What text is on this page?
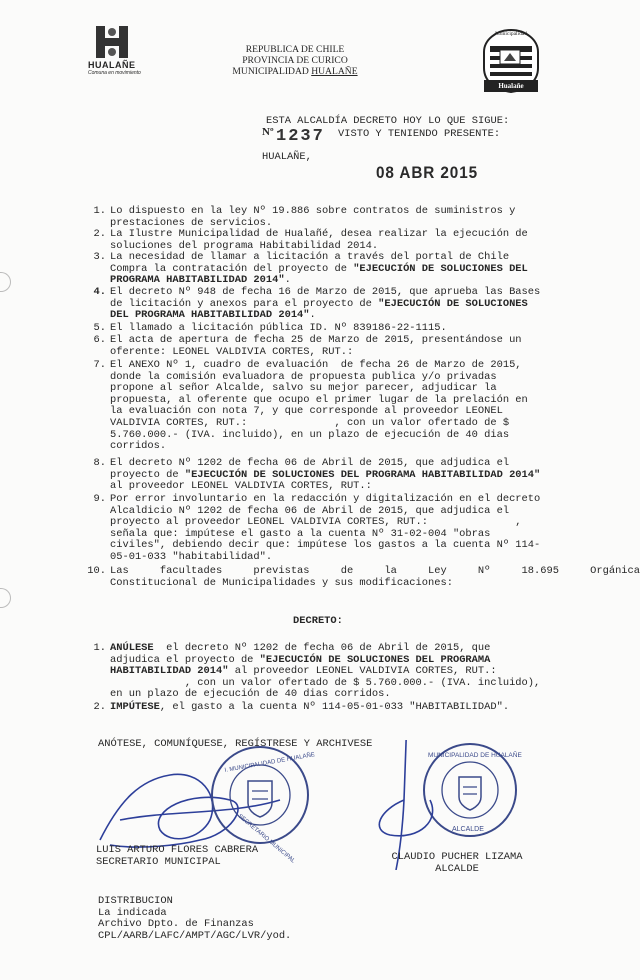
HUALAÑE
Comuna en movimiento
REPUBLICA DE CHILE
PROVINCIA DE CURICO
MUNICIPALIDAD HUALAÑE
Municipalidad
Hualañe
ESTA ALCALDÍA DECRETO HOY LO QUE SIGUE:
Nº 1237 VISTO Y TENIENDO PRESENTE:
HUALAÑE,
08 ABR 2015
1. Lo dispuesto en la ley Nº 19.886 sobre contratos de suministros y
prestaciones de servicios.
2. La Ilustre Municipalidad de Hualañé, desea realizar la ejecución de
soluciones del programa Habitabilidad 2014.
3. La necesidad de llamar a licitación a través del portal de Chile
Compra la contratación del proyecto de "EJECUCIÓN DE SOLUCIONES DEL
PROGRAMA HABITABILIDAD 2014".
4. El decreto Nº 948 de fecha 16 de Marzo de 2015, que aprueba las Bases
de licitación y anexos para el proyecto de "EJECUCIÓN DE SOLUCIONES
DEL PROGRAMA HABITABILIDAD 2014".
5. El llamado a licitación pública ID. Nº 839186-22-1115.
6. El acta de apertura de fecha 25 de Marzo de 2015, presentándose un
oferente: LEONEL VALDIVIA CORTES, RUT.:
7. El ANEXO Nº 1, cuadro de evaluación  de fecha 26 de Marzo de 2015,
donde la comisión evaluadora de propuesta publica y/o privadas
propone al señor Alcalde, salvo su mejor parecer, adjudicar la
propuesta, al oferente que ocupo el primer lugar de la prelación en
la evaluación con nota 7, y que corresponde al proveedor LEONEL
VALDIVIA CORTES, RUT.:              , con un valor ofertado de $
5.760.000.- (IVA. incluido), en un plazo de ejecución de 40 dias
corridos.
8. El decreto Nº 1202 de fecha 06 de Abril de 2015, que adjudica el
proyecto de "EJECUCIÓN DE SOLUCIONES DEL PROGRAMA HABITABILIDAD 2014"
al proveedor LEONEL VALDIVIA CORTES, RUT.:
9. Por error involuntario en la redacción y digitalización en el decreto
Alcaldicio Nº 1202 de fecha 06 de Abril de 2015, que adjudica el
proyecto al proveedor LEONEL VALDIVIA CORTES, RUT.:              ,
señala que: impútese el gasto a la cuenta Nº 31-02-004 "obras
civiles", debiendo decir que: impútese los gastos a la cuenta Nº 114-
05-01-033 "habitabilidad".
10. Las     facultades     previstas     de     la     Ley     Nº     18.695     Orgánica
Constitucional de Municipalidades y sus modificaciones:
DECRETO:
1. ANÚLESE  el decreto Nº 1202 de fecha 06 de Abril de 2015, que
adjudica el proyecto de "EJECUCIÓN DE SOLUCIONES DEL PROGRAMA
HABITABILIDAD 2014" al proveedor LEONEL VALDIVIA CORTES, RUT.:
, con un valor ofertado de $ 5.760.000.- (IVA. incluido),
en un plazo de ejecución de 40 dias corridos.
2. IMPÚTESE, el gasto a la cuenta Nº 114-05-01-033 "HABITABILIDAD".
ANÓTESE, COMUNÍQUESE, REGÍSTRESE Y ARCHIVESE
I. MUNICIPALIDAD DE HUALAÑE
SECRETARIO MUNICIPAL
MUNICIPALIDAD DE HUALAÑE
ALCALDE
LUIS ARTURO FLORES CABRERA
SECRETARIO MUNICIPAL	CLAUDIO PUCHER LIZAMA
ALCALDE
DISTRIBUCION
La indicada
Archivo Dpto. de Finanzas
CPL/AARB/LAFC/AMPT/AGC/LVR/yod.
